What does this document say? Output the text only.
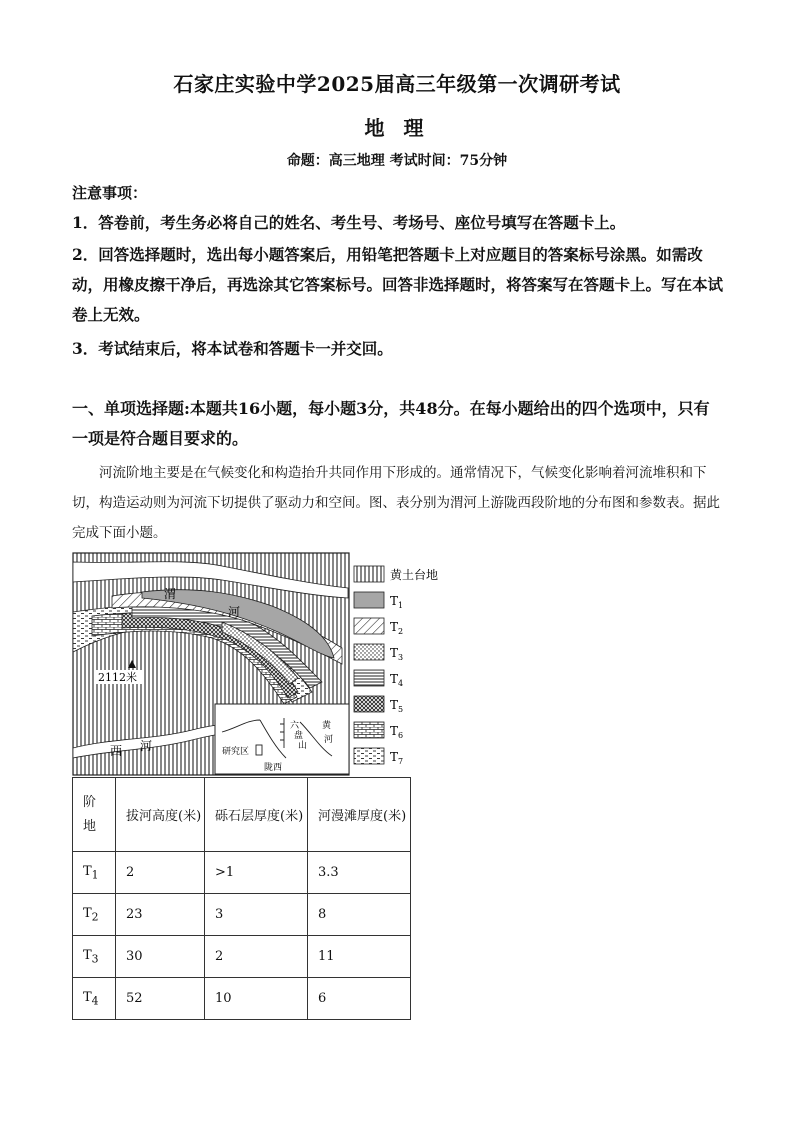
石家庄实验中学2025届高三年级第一次调研考试
地 理
命题：高三地理 考试时间：75分钟
注意事项：
1．答卷前，考生务必将自己的姓名、考生号、考场号、座位号填写在答题卡上。
2．回答选择题时，选出每小题答案后，用铅笔把答题卡上对应题目的答案标号涂黑。如需改动，用橡皮擦干净后，再选涂其它答案标号。回答非选择题时，将答案写在答题卡上。写在本试卷上无效。
3．考试结束后，将本试卷和答题卡一并交回。
一、单项选择题:本题共16小题，每小题3分，共48分。在每小题给出的四个选项中，只有一项是符合题目要求的。
河流阶地主要是在气候变化和构造抬升共同作用下形成的。通常情况下，气候变化影响着河流堆积和下切，构造运动则为河流下切提供了驱动力和空间。图、表分别为渭河上游陇西段阶地的分布图和参数表。据此完成下面小题。
渭
河
西 河
2112米
六
盘
山
黄
河
研究区
陇西
黄土台地
$T_1$
$T_2$
$T_3$
$T_4$
$T_5$
$T_6$
$T_7$
阶
地	拔河高度(米)	砾石层厚度(米)	河漫滩厚度(米)
$T_1$	2	>1	3.3
$T_2$	23	3	8
$T_3$	30	2	11
$T_4$	52	10	6
